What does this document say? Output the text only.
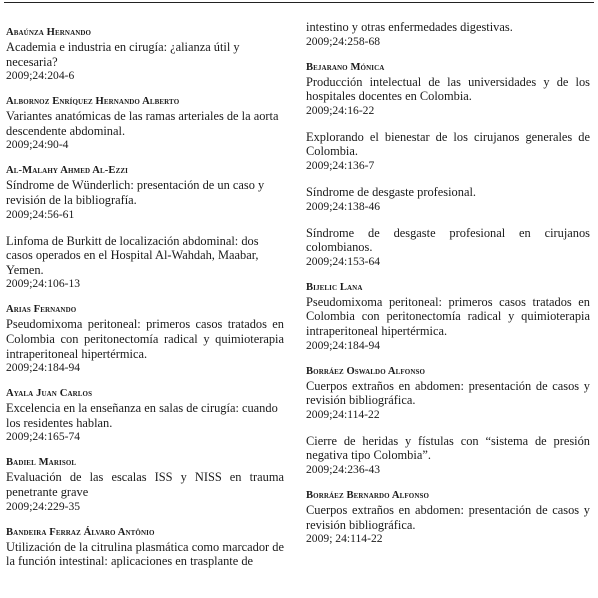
Abaúnza Hernando
Academia e industria en cirugía: ¿alianza útil y necesaria?
2009;24:204-6
Albornoz Enríquez Hernando Alberto
Variantes anatómicas de las ramas arteriales de la aorta descendente abdominal.
2009;24:90-4
Al-Malahy Ahmed Al-Ezzi
Síndrome de Wünderlich: presentación de un caso y revisión de la bibliografía.
2009;24:56-61
Linfoma de Burkitt de localización abdominal: dos casos operados en el Hospital Al-Wahdah, Maabar, Yemen.
2009;24:106-13
Arias Fernando
Pseudomixoma peritoneal: primeros casos tratados en Colombia con peritonectomía radical y quimioterapia intraperitoneal hipertérmica.
2009;24:184-94
Ayala Juan Carlos
Excelencia en la enseñanza en salas de cirugía: cuando los residentes hablan.
2009;24:165-74
Badiel Marisol
Evaluación de las escalas ISS y NISS en trauma penetrante grave
2009;24:229-35
Bandeira Ferraz Álvaro Antônio
Utilización de la citrulina plasmática como marcador de la función intestinal: aplicaciones en trasplante de
intestino y otras enfermedades digestivas.
2009;24:258-68
Bejarano Mónica
Producción intelectual de las universidades y de los hospitales docentes en Colombia.
2009;24:16-22
Explorando el bienestar de los cirujanos generales de Colombia.
2009;24:136-7
Síndrome de desgaste profesional.
2009;24:138-46
Síndrome de desgaste profesional en cirujanos colombianos.
2009;24:153-64
Bijelic Lana
Pseudomixoma peritoneal: primeros casos tratados en Colombia con peritonectomía radical y quimioterapia intraperitoneal hipertérmica.
2009;24:184-94
Borráez Oswaldo Alfonso
Cuerpos extraños en abdomen: presentación de casos y revisión bibliográfica.
2009;24:114-22
Cierre de heridas y fístulas con “sistema de presión negativa tipo Colombia”.
2009;24:236-43
Borráez Bernardo Alfonso
Cuerpos extraños en abdomen: presentación de casos y revisión bibliográfica.
2009; 24:114-22
